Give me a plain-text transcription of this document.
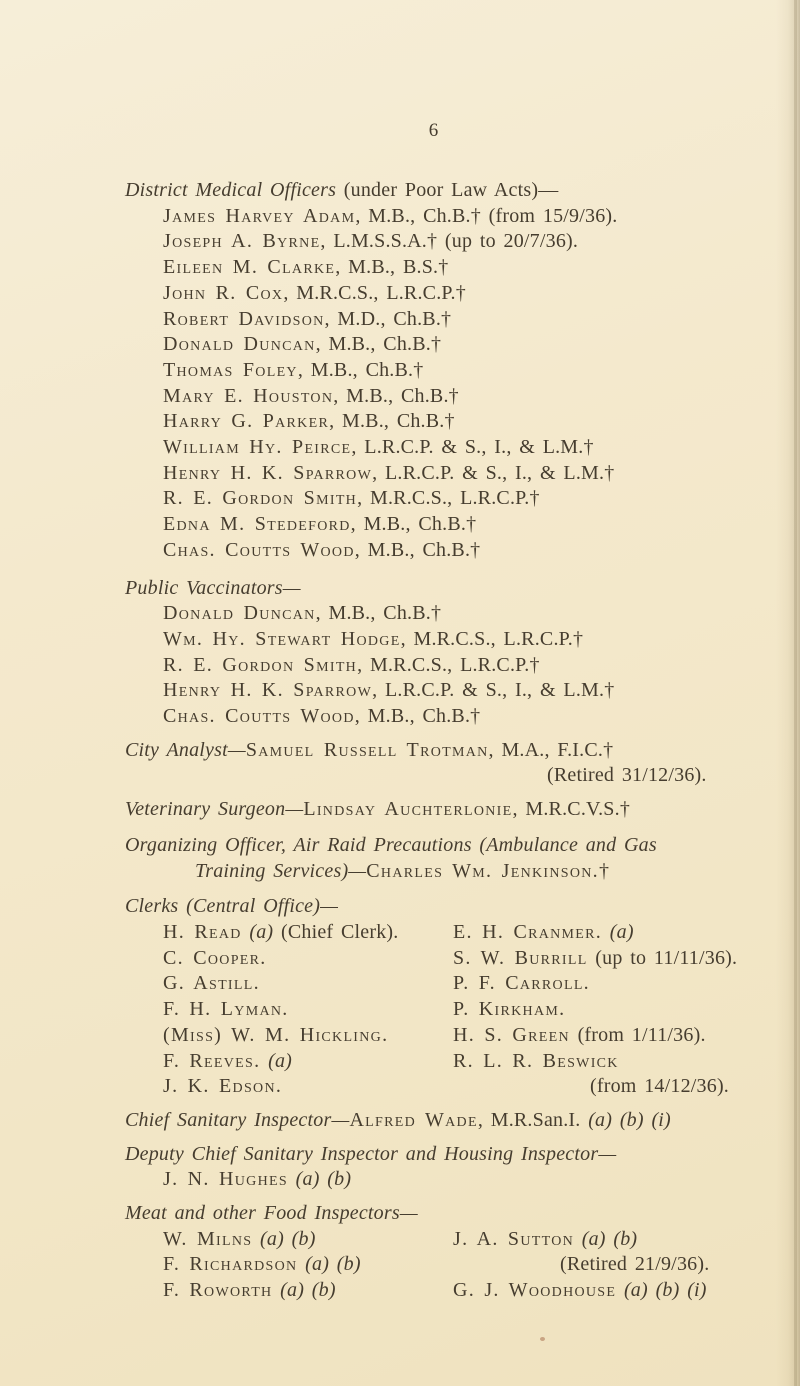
6
District Medical Officers (under Poor Law Acts)—
James Harvey Adam, M.B., Ch.B.† (from 15/9/36).
Joseph A. Byrne, L.M.S.S.A.† (up to 20/7/36).
Eileen M. Clarke, M.B., B.S.†
John R. Cox, M.R.C.S., L.R.C.P.†
Robert Davidson, M.D., Ch.B.†
Donald Duncan, M.B., Ch.B.†
Thomas Foley, M.B., Ch.B.†
Mary E. Houston, M.B., Ch.B.†
Harry G. Parker, M.B., Ch.B.†
William Hy. Peirce, L.R.C.P. & S., I., & L.M.†
Henry H. K. Sparrow, L.R.C.P. & S., I., & L.M.†
R. E. Gordon Smith, M.R.C.S., L.R.C.P.†
Edna M. Stedeford, M.B., Ch.B.†
Chas. Coutts Wood, M.B., Ch.B.†
Public Vaccinators—
Donald Duncan, M.B., Ch.B.†
Wm. Hy. Stewart Hodge, M.R.C.S., L.R.C.P.†
R. E. Gordon Smith, M.R.C.S., L.R.C.P.†
Henry H. K. Sparrow, L.R.C.P. & S., I., & L.M.†
Chas. Coutts Wood, M.B., Ch.B.†
City Analyst—Samuel Russell Trotman, M.A., F.I.C.†
(Retired 31/12/36).
Veterinary Surgeon—Lindsay Auchterlonie, M.R.C.V.S.†
Organizing Officer, Air Raid Precautions (Ambulance and Gas
Training Services)—Charles Wm. Jenkinson.†
Clerks (Central Office)—
H. Read (a) (Chief Clerk).	E. H. Cranmer. (a)
C. Cooper.	S. W. Burrill (up to 11/11/36).
G. Astill.	P. F. Carroll.
F. H. Lyman.	P. Kirkham.
(Miss) W. M. Hickling.	H. S. Green (from 1/11/36).
F. Reeves. (a)	R. L. R. Beswick
J. K. Edson.	(from 14/12/36).
Chief Sanitary Inspector—Alfred Wade, M.R.San.I. (a) (b) (i)
Deputy Chief Sanitary Inspector and Housing Inspector—
J. N. Hughes (a) (b)
Meat and other Food Inspectors—
W. Milns (a) (b)	J. A. Sutton (a) (b)
F. Richardson (a) (b)	(Retired 21/9/36).
F. Roworth (a) (b)	G. J. Woodhouse (a) (b) (i)
